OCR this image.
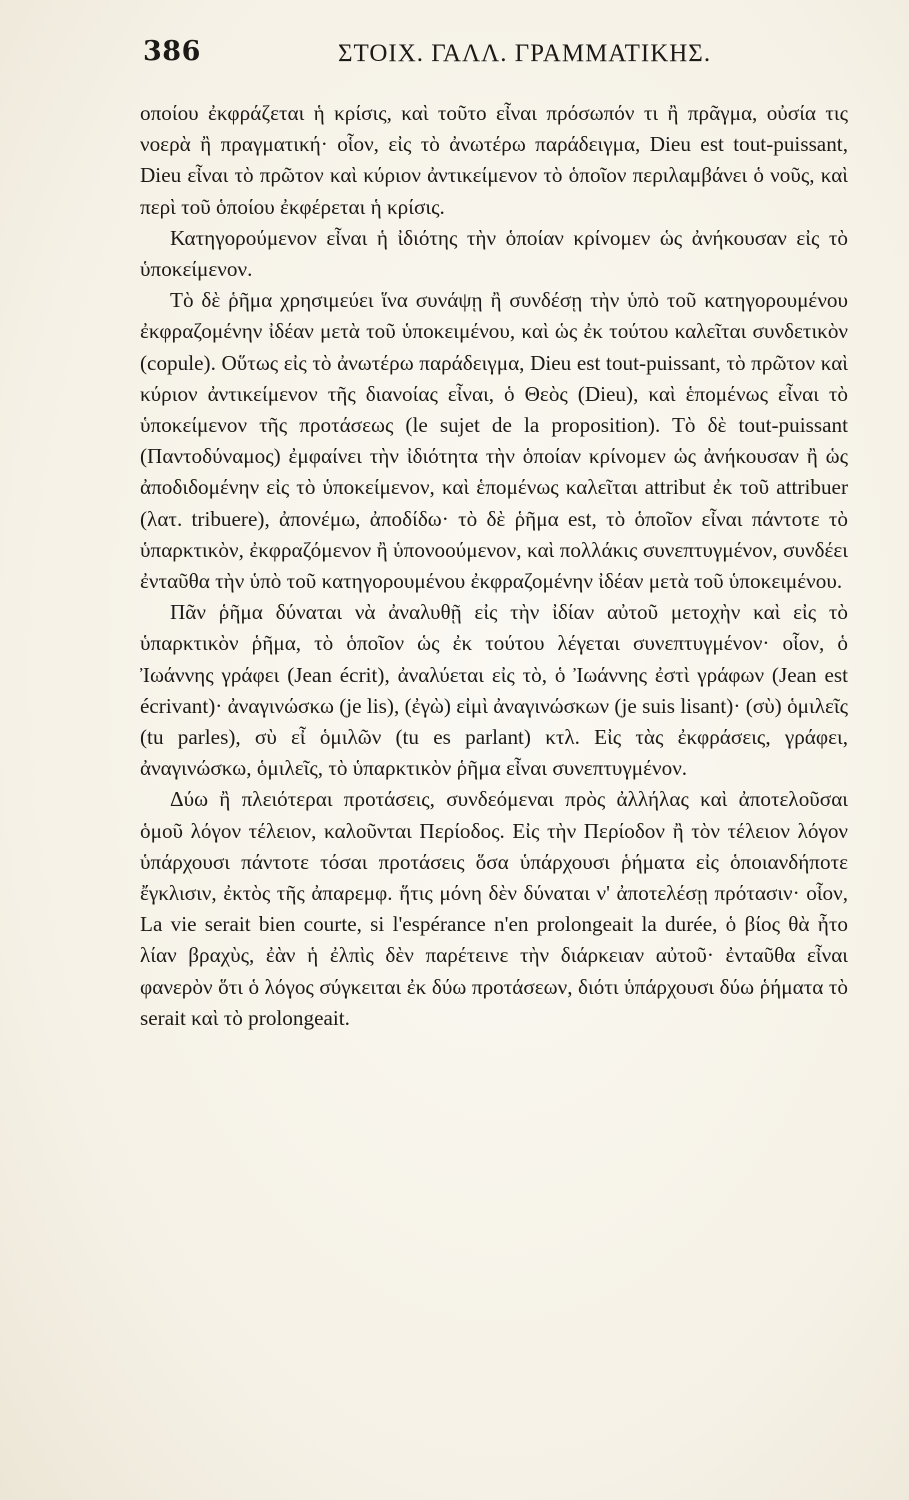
386	ΣΤΟΙΧ. ΓΑΛΛ. ΓΡΑΜΜΑΤΙΚΗΣ.

οποίου ἐκφράζεται ἡ κρίσις, καὶ τοῦτο εἶναι πρόσωπόν τι ἢ πρᾶγμα, οὐσία τις νοερὰ ἢ πραγματική· οἷον, εἰς τὸ ἀνωτέρω παράδειγμα, Dieu est tout-puissant, Dieu εἶναι τὸ πρῶτον καὶ κύριον ἀντικείμενον τὸ ὁποῖον περιλαμβάνει ὁ νοῦς, καὶ περὶ τοῦ ὁποίου ἐκφέρεται ἡ κρίσις.

Κατηγορούμενον εἶναι ἡ ἰδιότης τὴν ὁποίαν κρίνομεν ὡς ἀνήκουσαν εἰς τὸ ὑποκείμενον.

Τὸ δὲ ῥῆμα χρησιμεύει ἵνα συνάψῃ ἢ συνδέσῃ τὴν ὑπὸ τοῦ κατηγορουμένου ἐκφραζομένην ἰδέαν μετὰ τοῦ ὑποκειμένου, καὶ ὡς ἐκ τούτου καλεῖται συνδετικὸν (copule). Οὕτως εἰς τὸ ἀνωτέρω παράδειγμα, Dieu est tout-puissant, τὸ πρῶτον καὶ κύριον ἀντικείμενον τῆς διανοίας εἶναι, ὁ Θεὸς (Dieu), καὶ ἑπομένως εἶναι τὸ ὑποκείμενον τῆς προτάσεως (le sujet de la proposition). Τὸ δὲ tout-puissant (Παντοδύναμος) ἐμφαίνει τὴν ἰδιότητα τὴν ὁποίαν κρίνομεν ὡς ἀνήκουσαν ἢ ὡς ἀποδιδομένην εἰς τὸ ὑποκείμενον, καὶ ἑπομένως καλεῖται attribut ἐκ τοῦ attribuer (λατ. tribuere), ἀπονέμω, ἀποδίδω· τὸ δὲ ῥῆμα est, τὸ ὁποῖον εἶναι πάντοτε τὸ ὑπαρκτικὸν, ἐκφραζόμενον ἢ ὑπονοούμενον, καὶ πολλάκις συνεπτυγμένον, συνδέει ἐνταῦθα τὴν ὑπὸ τοῦ κατηγορουμένου ἐκφραζομένην ἰδέαν μετὰ τοῦ ὑποκειμένου.

Πᾶν ῥῆμα δύναται νὰ ἀναλυθῇ εἰς τὴν ἰδίαν αὐτοῦ μετοχὴν καὶ εἰς τὸ ὑπαρκτικὸν ῥῆμα, τὸ ὁποῖον ὡς ἐκ τούτου λέγεται συνεπτυγμένον· οἷον, ὁ Ἰωάννης γράφει (Jean écrit), ἀναλύεται εἰς τὸ, ὁ Ἰωάννης ἐστὶ γράφων (Jean est écrivant)· ἀναγινώσκω (je lis), (ἐγὼ) εἰμὶ ἀναγινώσκων (je suis lisant)· (σὺ) ὁμιλεῖς (tu parles), σὺ εἶ ὁμιλῶν (tu es parlant) κτλ. Εἰς τὰς ἐκφράσεις, γράφει, ἀναγινώσκω, ὁμιλεῖς, τὸ ὑπαρκτικὸν ῥῆμα εἶναι συνεπτυγμένον.

Δύω ἢ πλειότεραι προτάσεις, συνδεόμεναι πρὸς ἀλλήλας καὶ ἀποτελοῦσαι ὁμοῦ λόγον τέλειον, καλοῦνται Περίοδος. Εἰς τὴν Περίοδον ἢ τὸν τέλειον λόγον ὑπάρχουσι πάντοτε τόσαι προτάσεις ὅσα ὑπάρχουσι ῥήματα εἰς ὁποιανδήποτε ἔγκλισιν, ἐκτὸς τῆς ἀπαρεμφ. ἥτις μόνη δὲν δύναται ν' ἀποτελέσῃ πρότασιν· οἷον, La vie serait bien courte, si l'espérance n'en prolongeait la durée, ὁ βίος θὰ ἦτο λίαν βραχὺς, ἐὰν ἡ ἐλπὶς δὲν παρέτεινε τὴν διάρκειαν αὐτοῦ· ἐνταῦθα εἶναι φανερὸν ὅτι ὁ λόγος σύγκειται ἐκ δύω προτάσεων, διότι ὑπάρχουσι δύω ῥήματα τὸ serait καὶ τὸ prolongeait.
